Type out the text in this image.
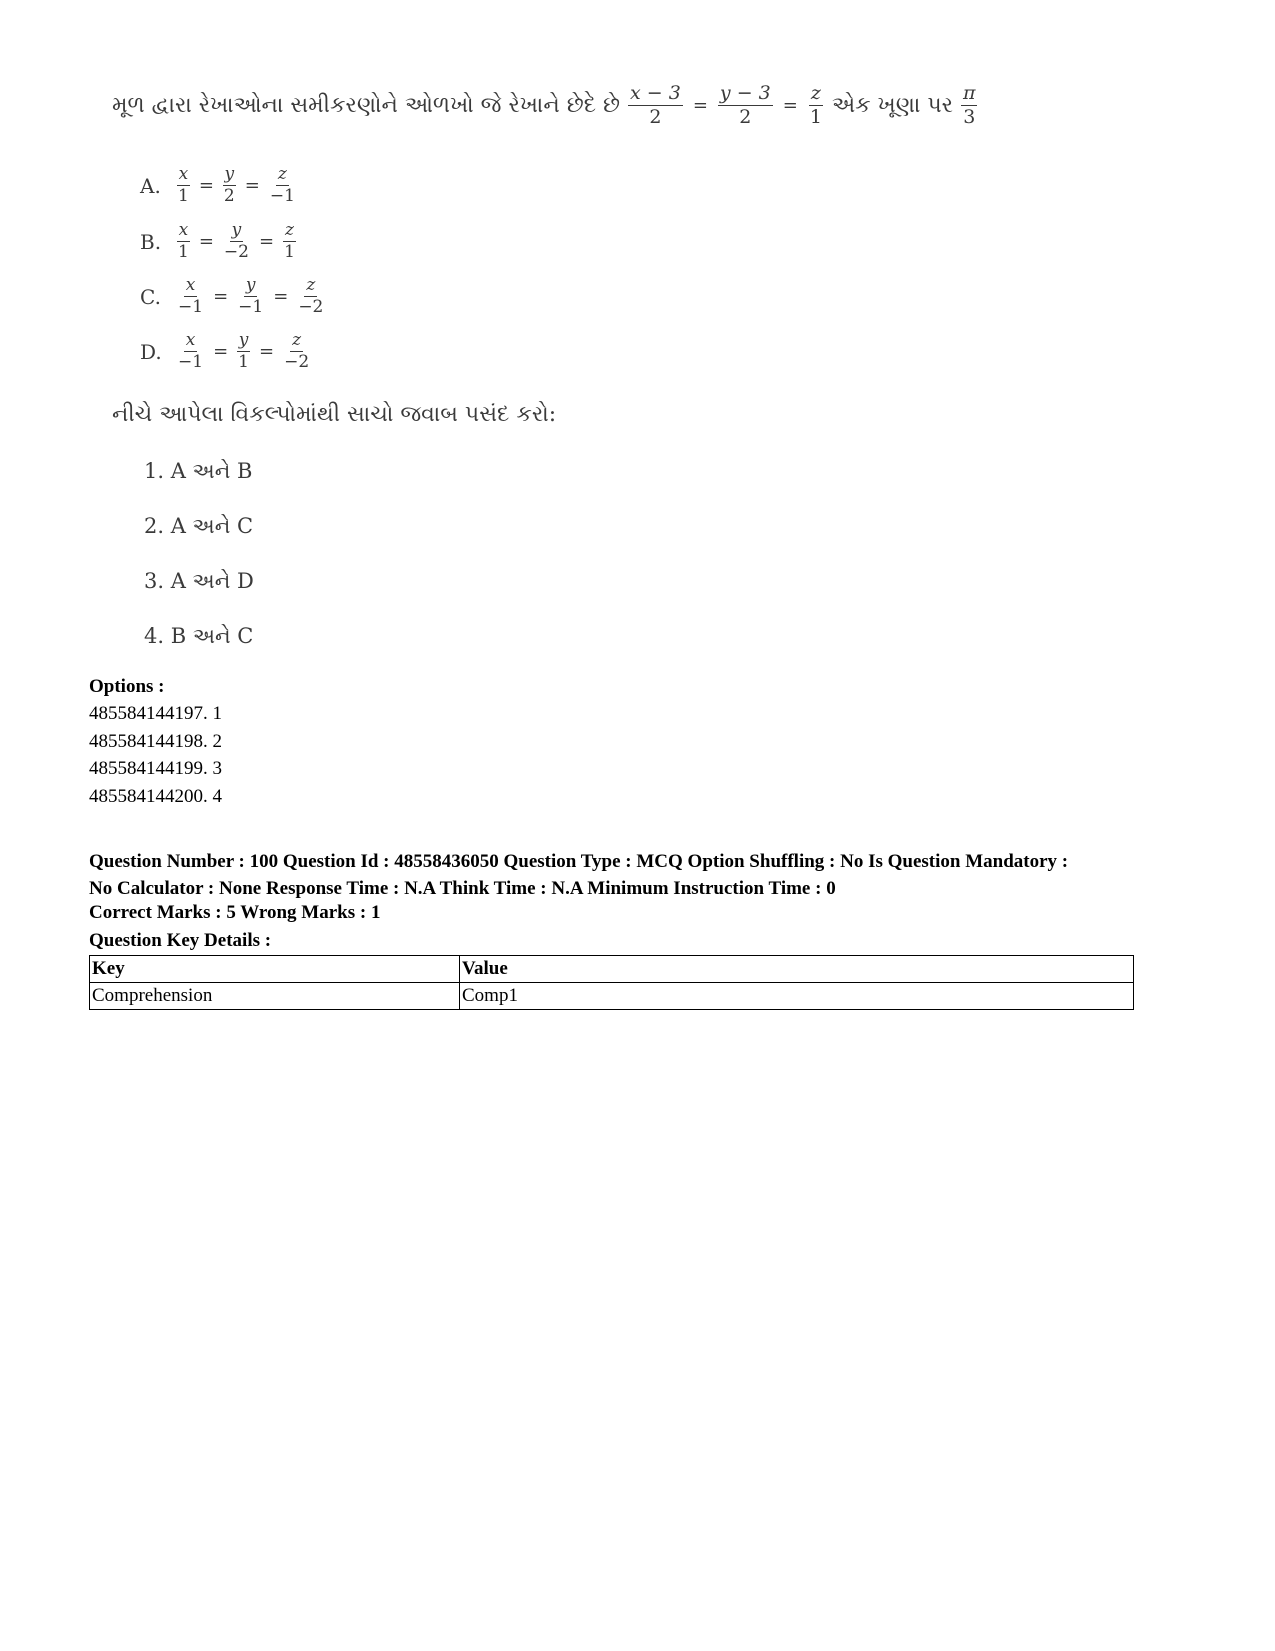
મૂળ દ્વારા રેખાઓના સમીકરણોને ઓળખો જે રેખાને છેદે છે $\frac{x - 3}{2} = \frac{y - 3}{2} = \frac{z}{1}$ એક ખૂણા પર $\frac{\pi}{3}$
A. $\frac{x}{1} = \frac{y}{2} = \frac{z}{-1}$
B. $\frac{x}{1} = \frac{y}{-2} = \frac{z}{1}$
C. $\frac{x}{-1} = \frac{y}{-1} = \frac{z}{-2}$
D. $\frac{x}{-1} = \frac{y}{1} = \frac{z}{-2}$
નીચે આપેલા વિકલ્પોમાંથી સાચો જવાબ પસંદ કરો:
1. A અને B
2. A અને C
3. A અને D
4. B અને C
Options :
485584144197. 1
485584144198. 2
485584144199. 3
485584144200. 4
Question Number : 100 Question Id : 48558436050 Question Type : MCQ Option Shuffling : No Is Question Mandatory :
No Calculator : None Response Time : N.A Think Time : N.A Minimum Instruction Time : 0
Correct Marks : 5 Wrong Marks : 1
Question Key Details :
Key	Value
Comprehension	Comp1
